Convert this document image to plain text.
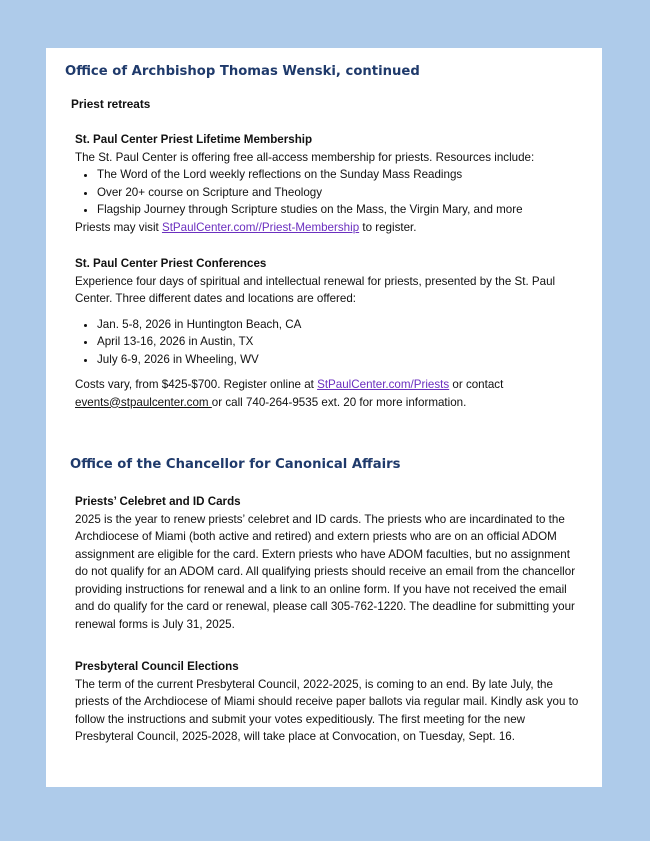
Office of Archbishop Thomas Wenski, continued
Priest retreats
St. Paul Center Priest Lifetime Membership

The St. Paul Center is offering free all-access membership for priests. Resources include:

• The Word of the Lord weekly reflections on the Sunday Mass Readings
• Over 20+ course on Scripture and Theology
• Flagship Journey through Scripture studies on the Mass, the Virgin Mary, and more

Priests may visit StPaulCenter.com//Priest-Membership to register.

St. Paul Center Priest Conferences

Experience four days of spiritual and intellectual renewal for priests, presented by the St. Paul Center. Three different dates and locations are offered:

• Jan. 5-8, 2026 in Huntington Beach, CA
• April 13-16, 2026 in Austin, TX
• July 6-9, 2026 in Wheeling, WV

Costs vary, from $425-$700. Register online at StPaulCenter.com/Priests or contact
events@stpaulcenter.com or call 740-264-9535 ext. 20 for more information.

Office of the Chancellor for Canonical Affairs
Priests’ Celebret and ID Cards

2025 is the year to renew priests’ celebret and ID cards. The priests who are incardinated to the Archdiocese of Miami (both active and retired) and extern priests who are on an official ADOM assignment are eligible for the card. Extern priests who have ADOM faculties, but no assignment do not qualify for an ADOM card. All qualifying priests should receive an email from the chancellor providing instructions for renewal and a link to an online form. If you have not received the email and do qualify for the card or renewal, please call 305-762-1220. The deadline for submitting your renewal forms is July 31, 2025.

Presbyteral Council Elections

The term of the current Presbyteral Council, 2022-2025, is coming to an end. By late July, the priests of the Archdiocese of Miami should receive paper ballots via regular mail. Kindly ask you to follow the instructions and submit your votes expeditiously. The first meeting for the new Presbyteral Council, 2025-2028, will take place at Convocation, on Tuesday, Sept. 16.
